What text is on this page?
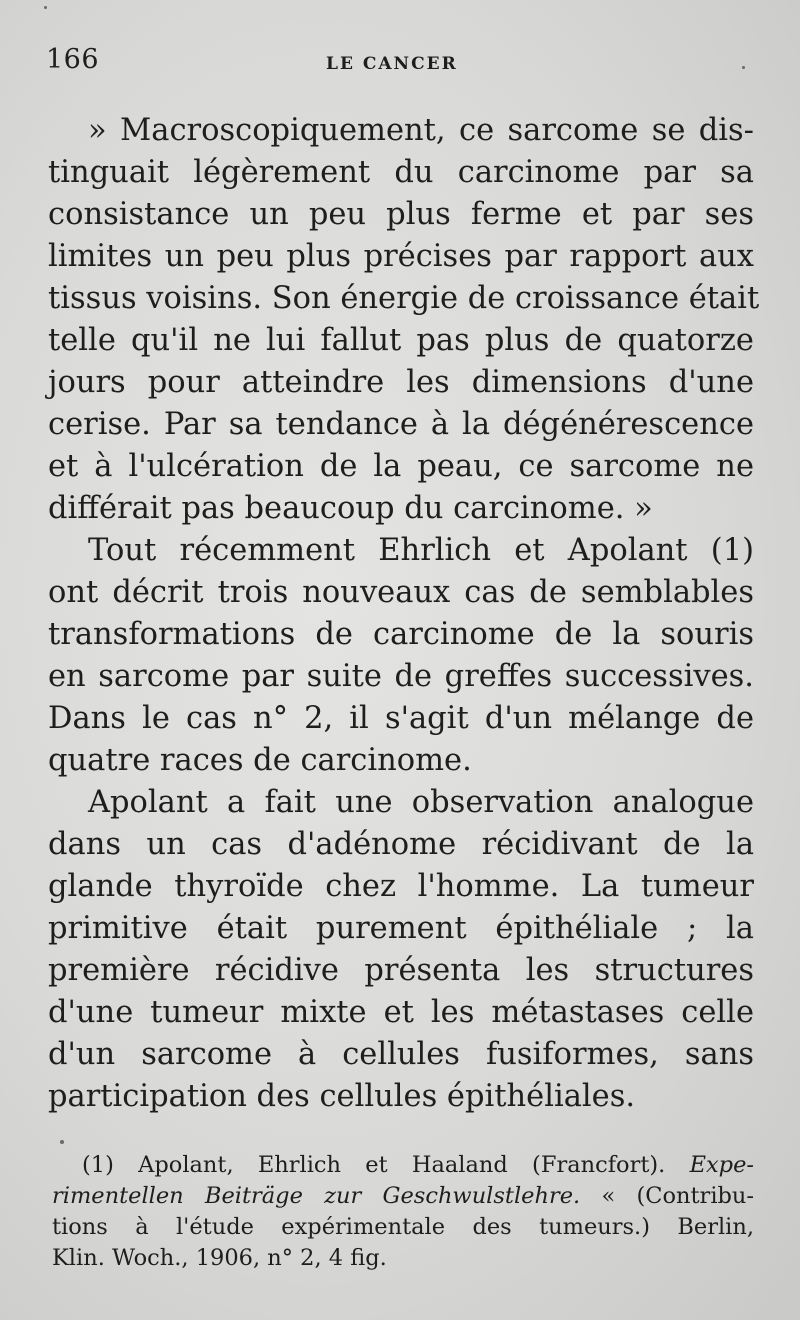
166	LE CANCER
» Macroscopiquement, ce sarcome se dis-
tinguait légèrement du carcinome par sa
consistance un peu plus ferme et par ses
limites un peu plus précises par rapport aux
tissus voisins. Son énergie de croissance était
telle qu'il ne lui fallut pas plus de quatorze
jours pour atteindre les dimensions d'une
cerise. Par sa tendance à la dégénérescence
et à l'ulcération de la peau, ce sarcome ne
différait pas beaucoup du carcinome. »
Tout récemment Ehrlich et Apolant (1)
ont décrit trois nouveaux cas de semblables
transformations de carcinome de la souris
en sarcome par suite de greffes successives.
Dans le cas n° 2, il s'agit d'un mélange de
quatre races de carcinome.
Apolant a fait une observation analogue
dans un cas d'adénome récidivant de la
glande thyroïde chez l'homme. La tumeur
primitive était purement épithéliale ; la
première récidive présenta les structures
d'une tumeur mixte et les métastases celle
d'un sarcome à cellules fusiformes, sans
participation des cellules épithéliales.
(1) Apolant, Ehrlich et Haaland (Francfort). Expe-
rimentellen Beiträge zur Geschwulstlehre. « (Contribu-
tions à l'étude expérimentale des tumeurs.) Berlin,
Klin. Woch., 1906, n° 2, 4 fig.
